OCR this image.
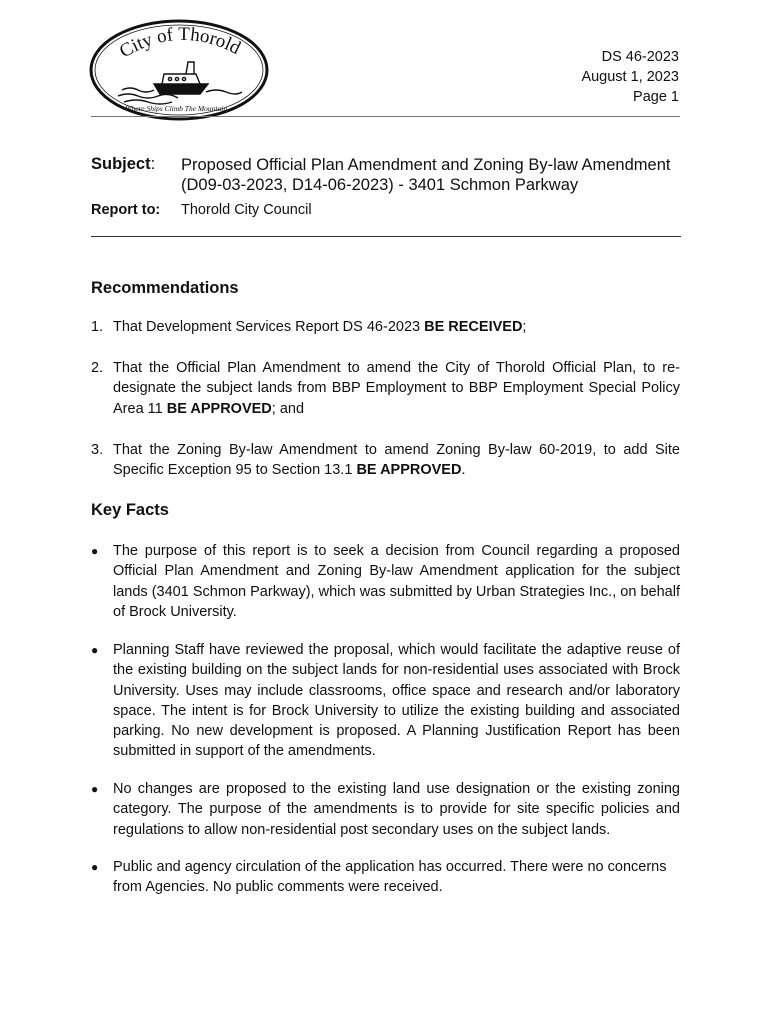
City of Thorold
Where Ships Climb The Mountain...
DS 46-2023
August 1, 2023
Page 1
Subject: Proposed Official Plan Amendment and Zoning By-law Amendment
(D09-03-2023, D14-06-2023) - 3401 Schmon Parkway
Report to: Thorold City Council
Recommendations
1. That Development Services Report DS 46-2023 BE RECEIVED;
2. That the Official Plan Amendment to amend the City of Thorold Official Plan, to re-designate the subject lands from BBP Employment to BBP Employment Special Policy Area 11 BE APPROVED; and
3. That the Zoning By-law Amendment to amend Zoning By-law 60-2019, to add Site Specific Exception 95 to Section 13.1 BE APPROVED.
Key Facts
● The purpose of this report is to seek a decision from Council regarding a proposed Official Plan Amendment and Zoning By-law Amendment application for the subject lands (3401 Schmon Parkway), which was submitted by Urban Strategies Inc., on behalf of Brock University.
● Planning Staff have reviewed the proposal, which would facilitate the adaptive reuse of the existing building on the subject lands for non-residential uses associated with Brock University. Uses may include classrooms, office space and research and/or laboratory space. The intent is for Brock University to utilize the existing building and associated parking. No new development is proposed. A Planning Justification Report has been submitted in support of the amendments.
● No changes are proposed to the existing land use designation or the existing zoning category. The purpose of the amendments is to provide for site specific policies and regulations to allow non-residential post secondary uses on the subject lands.
● Public and agency circulation of the application has occurred. There were no concerns from Agencies. No public comments were received.
